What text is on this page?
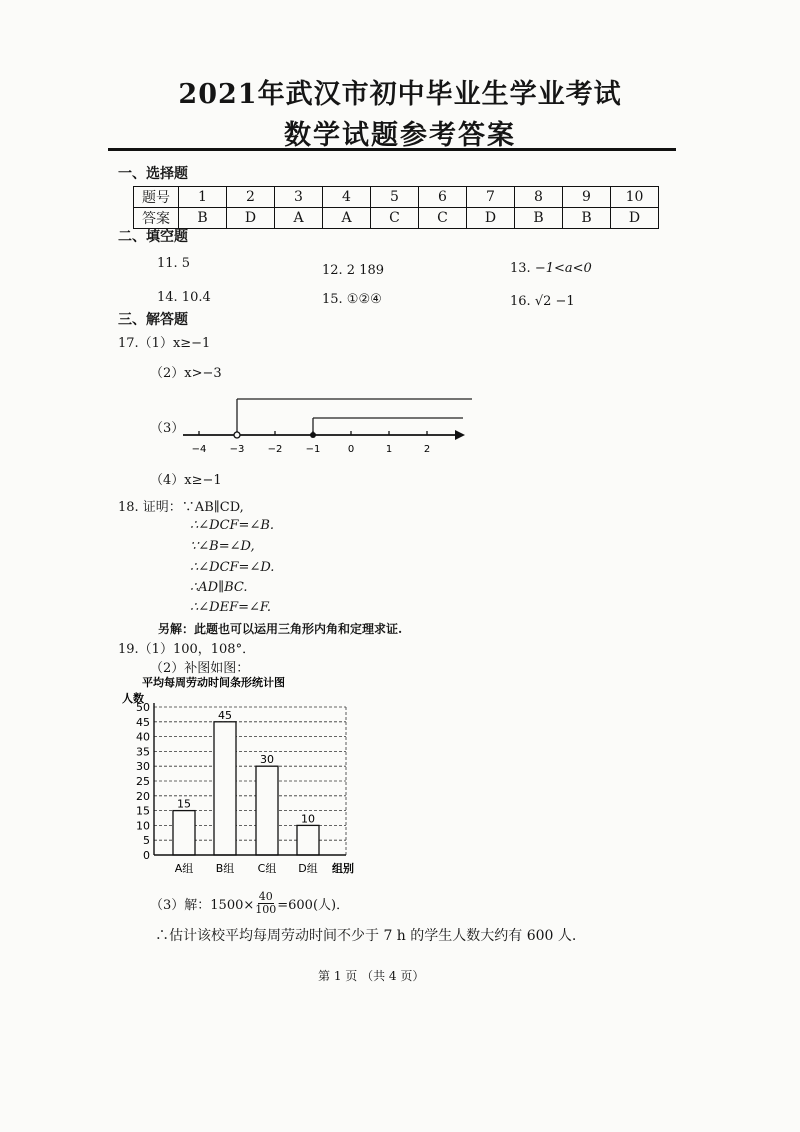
2021年武汉市初中毕业生学业考试
数学试题参考答案
一、选择题
题号	1	2	3	4	5	6	7	8	9	10
答案	B	D	A	A	C	C	D	B	B	D
二、填空题
11. 5	12. 2 189	13. −1<a<0
14. 10.4	15. ①②④	16. √2 −1
三、解答题
17.（1）x≥−1
（2）x>−3
（3）
−4 −3 −2 −1	0	1	2
（4）x≥−1
18. 证明：∵AB∥CD,
∴∠DCF=∠B.
∵∠B=∠D,
∴∠DCF=∠D.
∴AD∥BC.
∴∠DEF=∠F.
另解：此题也可以运用三角形内角和定理求证.
19.（1）100，108°．
（2）补图如图：
平均每周劳动时间条形统计图
人数
0
5
10
15
20
25
30
35
40
45
50
15
45
30
10
A组 B组 C组 D组 组别
（3）解：$1500\times \frac{40}{100} =600$(人)．
∴估计该校平均每周劳动时间不少于 7 h 的学生人数大约有 600 人.
第 1 页 （共 4 页）
